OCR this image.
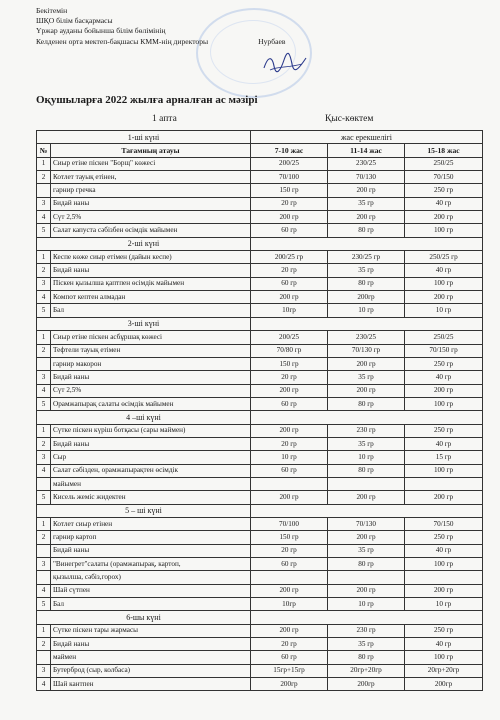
Бекітемін
ШҚО білім басқармасы
Үржар ауданы бойынша білім бөлімінің
Келденен орта мектеп-бақшасы КММ-нің директоры	Нурбаев
Оқушыларға 2022 жылға арналған ас мәзірі
1 апта	Қыс-көктем
1-ші күні		жас ерекшелігі		
№	Тағамның атауы	7-10 жас	11-14 жас	15-18 жас
1	Сиыр етіне піскен "Борщ" көжесі	200/25	230/25	250/25
2	Котлет тауық етінен,	70/100	70/130	70/150
	гарнир гречка	150 гр	200 гр	250 гр
3	Бидай наны	20 гр	35 гр	40 гр
4	Сүт 2,5%	200 гр	200 гр	200 гр
5	Салат капуста сәбізбен өсімдік майымен	60 гр	80 гр	100 гр
2-ші күні				
1	Кеспе көже сиыр етімен (дайын кеспе)	200/25 гр	230/25 гр	250/25 гр
2	Бидай наны	20 гр	35 гр	40 гр
3	Піскен қызылша қаптпен өсімдік майымен	60 гр	80 гр	100 гр
4	Компот кептен алмадан	200 гр	200гр	200 гр
5	Бал	10гр	10 гр	10 гр
3-ші күні				
1	Сиыр етіне піскен асбұршақ көжесі	200/25	230/25	250/25
2	Тефтели тауық етімен	70/80 гр	70/130 гр	70/150 гр
	гарнир макорон	150 гр	200 гр	250 гр
3	Бидай наны	20 гр	35 гр	40 гр
4	Сүт 2,5%	200 гр	200 гр	200 гр
5	Орамжапырақ салаты өсімдік майымен	60 гр	80 гр	100 гр
4 –ші күні				
1	Сүтке піскен күріш ботқасы (сары маймен)	200 гр	230 гр	250 гр
2	Бидай наны	20 гр	35 гр	40 гр
3	Сыр	10 гр	10 гр	15 гр
4	Салат сәбізден, орамжапырақтен өсімдік	60 гр	80 гр	100 гр
	майымен			
5	Кисель жеміс жидектен	200 гр	200 гр	200 гр
5 – ші күні				
1	Котлет сиыр етінен	70/100	70/130	70/150
2	гарнир картоп	150 гр	200 гр	250 гр
	Бидай наны	20 гр	35 гр	40 гр
3	"Винегрет"салаты (орамжапырақ, картоп,	60 гр	80 гр	100 гр
	қызылша, сәбіз,горох)			
4	Шай сүтпен	200 гр	200 гр	200 гр
5	Бал	10гр	10 гр	10 гр
6-шы күні				
1	Сүтке піскен тары жармасы	200 гр	230 гр	250 гр
2	Бидай наны	20 гр	35 гр	40 гр
	маймен	60 гр	80 гр	100 гр
3	Бутерброд (сыр, колбаса)	15гр+15гр	20гр+20гр	20гр+20гр
4	Шай кантпен	200гр	200гр	200гр
